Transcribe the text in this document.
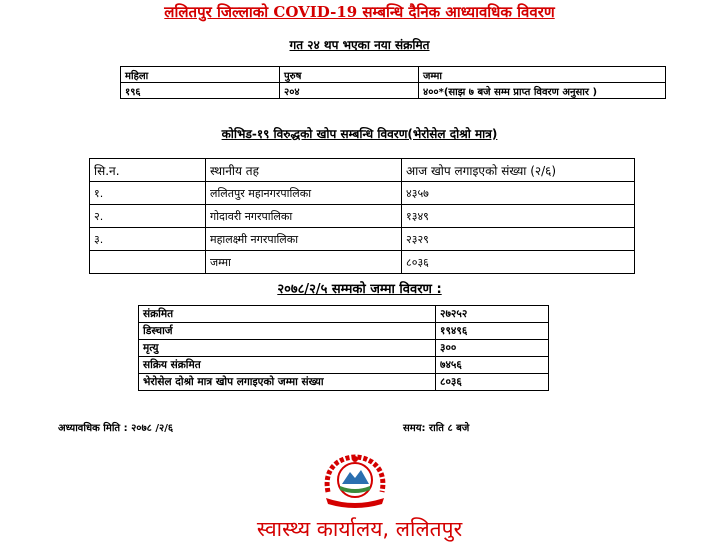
ललितपुर जिल्लाको COVID-19 सम्बन्धि दैनिक आध्यावधिक विवरण
गत २४ थप भएका नया संक्रमित
महिला	पुरुष	जम्मा
१९६	२०४	४००*(साझ ७ बजे सम्म प्राप्त विवरण अनुसार )
कोभिड-१९ विरुद्धको खोप सम्बन्धि विवरण(भेरोसेल दोश्रो मात्र)
सि.न.	स्थानीय तह	आज खोप लगाइएको संख्या (२/६)
१.	ललितपुर महानगरपालिका	४३५७
२.	गोदावरी नगरपालिका	१३४९
३.	महालक्ष्मी नगरपालिका	२३२९
	जम्मा	८०३६
२०७८/२/५ सम्मको जम्मा विवरण :
संक्रमित	२७२५२
डिस्चार्ज	१९४९६
मृत्यु	३००
सक्रिय संक्रमित	७४५६
भेरोसेल दोश्रो मात्र खोप लगाइएको जम्मा संख्या	८०३६
अध्यावधिक मिति : २०७८ /२/६	समय: राति ८ बजे
स्वास्थ्य कार्यालय, ललितपुर
